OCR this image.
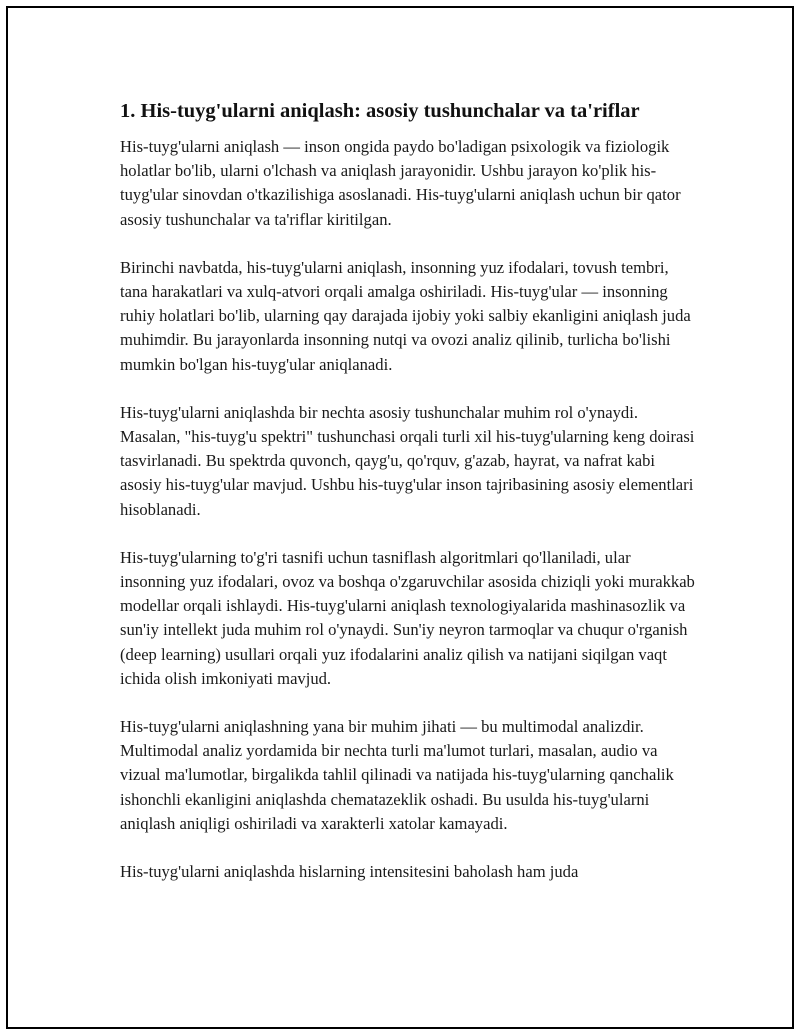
1. His-tuyg'ularni aniqlash: asosiy tushunchalar va ta'riflar

His-tuyg'ularni aniqlash — inson ongida paydo bo'ladigan psixologik va fiziologik holatlar bo'lib, ularni o'lchash va aniqlash jarayonidir. Ushbu jarayon ko'plik his-tuyg'ular sinovdan o'tkazilishiga asoslanadi. His-tuyg'ularni aniqlash uchun bir qator asosiy tushunchalar va ta'riflar kiritilgan.

Birinchi navbatda, his-tuyg'ularni aniqlash, insonning yuz ifodalari, tovush tembri, tana harakatlari va xulq-atvori orqali amalga oshiriladi. His-tuyg'ular — insonning ruhiy holatlari bo'lib, ularning qay darajada ijobiy yoki salbiy ekanligini aniqlash juda muhimdir. Bu jarayonlarda insonning nutqi va ovozi analiz qilinib, turlicha bo'lishi mumkin bo'lgan his-tuyg'ular aniqlanadi.

His-tuyg'ularni aniqlashda bir nechta asosiy tushunchalar muhim rol o'ynaydi. Masalan, "his-tuyg'u spektri" tushunchasi orqali turli xil his-tuyg'ularning keng doirasi tasvirlanadi. Bu spektrda quvonch, qayg'u, qo'rquv, g'azab, hayrat, va nafrat kabi asosiy his-tuyg'ular mavjud. Ushbu his-tuyg'ular inson tajribasining asosiy elementlari hisoblanadi.

His-tuyg'ularning to'g'ri tasnifi uchun tasniflash algoritmlari qo'llaniladi, ular insonning yuz ifodalari, ovoz va boshqa o'zgaruvchilar asosida chiziqli yoki murakkab modellar orqali ishlaydi. His-tuyg'ularni aniqlash texnologiyalarida mashinasozlik va sun'iy intellekt juda muhim rol o'ynaydi. Sun'iy neyron tarmoqlar va chuqur o'rganish (deep learning) usullari orqali yuz ifodalarini analiz qilish va natijani siqilgan vaqt ichida olish imkoniyati mavjud.

His-tuyg'ularni aniqlashning yana bir muhim jihati — bu multimodal analizdir. Multimodal analiz yordamida bir nechta turli ma'lumot turlari, masalan, audio va vizual ma'lumotlar, birgalikda tahlil qilinadi va natijada his-tuyg'ularning qanchalik ishonchli ekanligini aniqlashda chematazeklik oshadi. Bu usulda his-tuyg'ularni aniqlash aniqligi oshiriladi va xarakterli xatolar kamayadi.

His-tuyg'ularni aniqlashda hislarning intensitesini baholash ham juda
